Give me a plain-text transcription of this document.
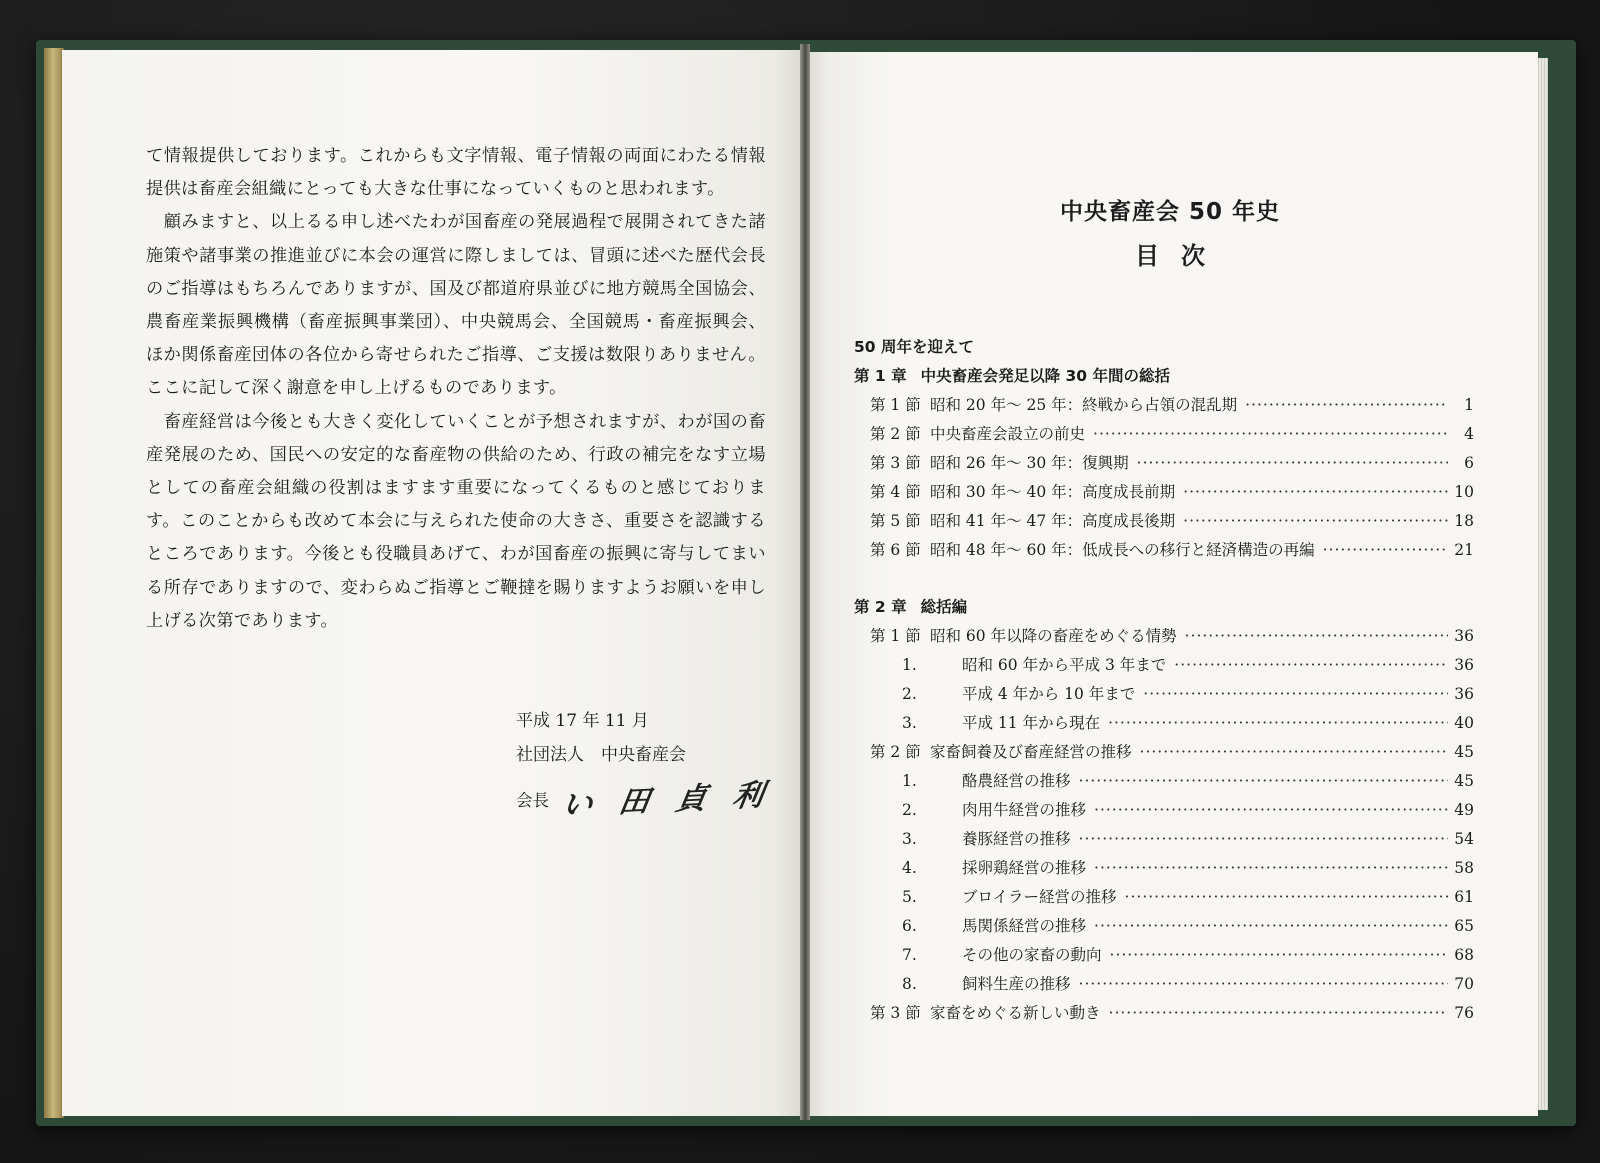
て情報提供しております。これからも文字情報、電子情報の両面にわたる情報提供は畜産会組織にとっても大きな仕事になっていくものと思われます。

　顧みますと、以上るる申し述べたわが国畜産の発展過程で展開されてきた諸施策や諸事業の推進並びに本会の運営に際しましては、冒頭に述べた歴代会長のご指導はもちろんでありますが、国及び都道府県並びに地方競馬全国協会、農畜産業振興機構（畜産振興事業団）、中央競馬会、全国競馬・畜産振興会、ほか関係畜産団体の各位から寄せられたご指導、ご支援は数限りありません。ここに記して深く謝意を申し上げるものであります。

　畜産経営は今後とも大きく変化していくことが予想されますが、わが国の畜産発展のため、国民への安定的な畜産物の供給のため、行政の補完をなす立場としての畜産会組織の役割はますます重要になってくるものと感じております。このことからも改めて本会に与えられた使命の大きさ、重要さを認識するところであります。今後とも役職員あげて、わが国畜産の振興に寄与してまいる所存でありますので、変わらぬご指導とご鞭撻を賜りますようお願いを申し上げる次第であります。

平成 17 年 11 月
社団法人　中央畜産会
会長 い 田 貞 利
中央畜産会 50 年史
目次
50 周年を迎えて
第 1 章 中央畜産会発足以降 30 年間の総括
第 1 節 昭和 20 年〜 25 年：終戦から占領の混乱期 ·····	1
第 2 節 中央畜産会設立の前史 ·····	4
第 3 節 昭和 26 年〜 30 年：復興期 ·····	6
第 4 節 昭和 30 年〜 40 年：高度成長前期 ·····	10
第 5 節 昭和 41 年〜 47 年：高度成長後期 ·····	18
第 6 節 昭和 48 年〜 60 年：低成長への移行と経済構造の再編 ·····	21
第 2 章 総括編
第 1 節 昭和 60 年以降の畜産をめぐる情勢 ·····	36
1.	昭和 60 年から平成 3 年まで ·····	36
2.	平成 4 年から 10 年まで ·····	36
3.	平成 11 年から現在 ·····	40
第 2 節 家畜飼養及び畜産経営の推移 ·····	45
1.	酪農経営の推移 ·····	45
2.	肉用牛経営の推移 ·····	49
3.	養豚経営の推移 ·····	54
4.	採卵鶏経営の推移 ·····	58
5.	ブロイラー経営の推移 ·····	61
6.	馬関係経営の推移 ·····	65
7.	その他の家畜の動向 ·····	68
8.	飼料生産の推移 ·····	70
第 3 節 家畜をめぐる新しい動き ·····	76
